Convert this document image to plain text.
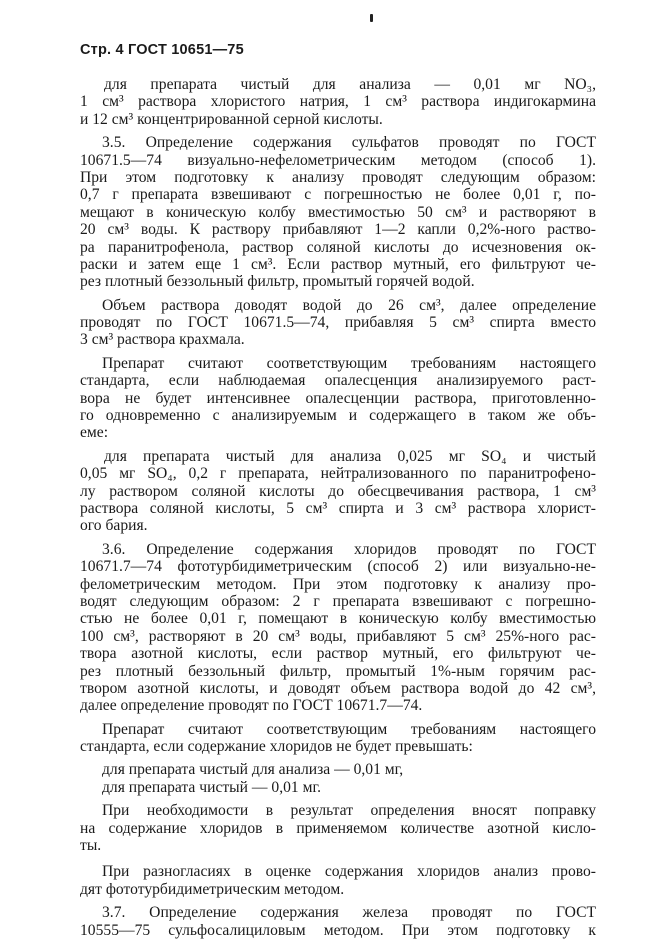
Стр. 4 ГОСТ 10651—75
для препарата чистый для анализа — 0,01 мг NO₃,
1 см³ раствора хлористого натрия, 1 см³ раствора индигокармина
и 12 см³ концентрированной серной кислоты.
3.5. Определение содержания сульфатов проводят по ГОСТ
10671.5—74 визуально-нефелометрическим методом (способ 1).
При этом подготовку к анализу проводят следующим образом:
0,7 г препарата взвешивают с погрешностью не более 0,01 г, по-
мещают в коническую колбу вместимостью 50 см³ и растворяют в
20 см³ воды. К раствору прибавляют 1—2 капли 0,2%-ного раство-
ра паранитрофенола, раствор соляной кислоты до исчезновения ок-
раски и затем еще 1 см³. Если раствор мутный, его фильтруют че-
рез плотный беззольный фильтр, промытый горячей водой.
Объем раствора доводят водой до 26 см³, далее определение
проводят по ГОСТ 10671.5—74, прибавляя 5 см³ спирта вместо
3 см³ раствора крахмала.
Препарат считают соответствующим требованиям настоящего
стандарта, если наблюдаемая опалесценция анализируемого раст-
вора не будет интенсивнее опалесценции раствора, приготовленно-
го одновременно с анализируемым и содержащего в таком же объ-
еме:
для препарата чистый для анализа 0,025 мг SO₄ и чистый
0,05 мг SO₄, 0,2 г препарата, нейтрализованного по паранитрофено-
лу раствором соляной кислоты до обесцвечивания раствора, 1 см³
раствора соляной кислоты, 5 см³ спирта и 3 см³ раствора хлорист-
ого бария.
3.6. Определение содержания хлоридов проводят по ГОСТ
10671.7—74 фототурбидиметрическим (способ 2) или визуально-не-
фелометрическим методом. При этом подготовку к анализу про-
водят следующим образом: 2 г препарата взвешивают с погрешно-
стью не более 0,01 г, помещают в коническую колбу вместимостью
100 см³, растворяют в 20 см³ воды, прибавляют 5 см³ 25%-ного рас-
твора азотной кислоты, если раствор мутный, его фильтруют че-
рез плотный беззольный фильтр, промытый 1%-ным горячим рас-
твором азотной кислоты, и доводят объем раствора водой до 42 см³,
далее определение проводят по ГОСТ 10671.7—74.
Препарат считают соответствующим требованиям настоящего
стандарта, если содержание хлоридов не будет превышать:
для препарата чистый для анализа — 0,01 мг,
для препарата чистый — 0,01 мг.
При необходимости в результат определения вносят поправку
на содержание хлоридов в применяемом количестве азотной кисло-
ты.
При разногласиях в оценке содержания хлоридов анализ прово-
дят фототурбидиметрическим методом.
3.7. Определение содержания железа проводят по ГОСТ
10555—75 сульфосалициловым методом. При этом подготовку к
